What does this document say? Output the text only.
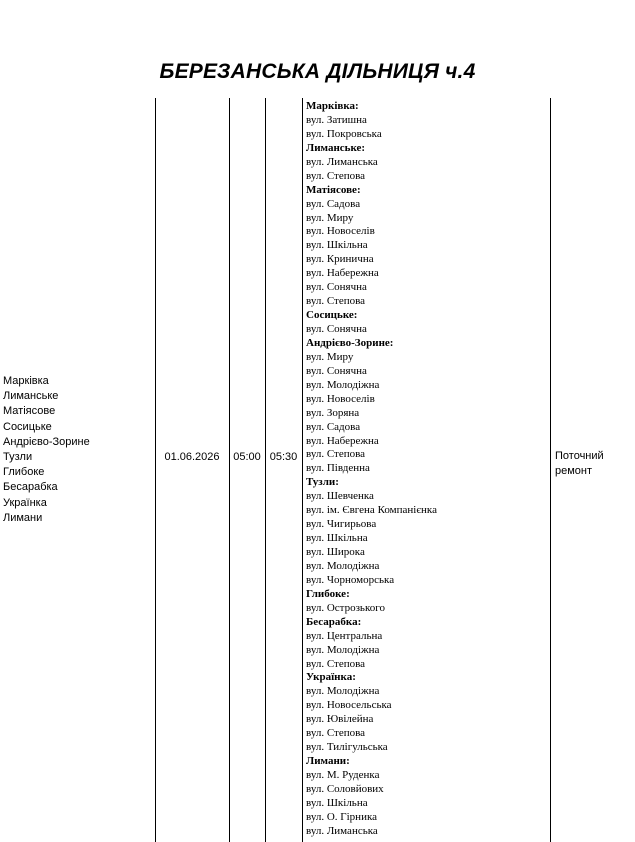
БЕРЕЗАНСЬКА ДІЛЬНИЦЯ ч.4
Марківка
Лиманське
Матіясове
Сосицьке
Андрієво-Зорине
Тузли
Глибоке
Бесарабка
Українка
Лимани
01.06.2026	05:00 05:30	Поточний
ремонт
Марківка:
вул. Затишна
вул. Покровська
Лиманське:
вул. Лиманська
вул. Степова
Матіясове:
вул. Садова
вул. Миру
вул. Новоселів
вул. Шкільна
вул. Кринична
вул. Набережна
вул. Сонячна
вул. Степова
Сосицьке:
вул. Сонячна
Андрієво-Зорине:
вул. Миру
вул. Сонячна
вул. Молодіжна
вул. Новоселів
вул. Зоряна
вул. Садова
вул. Набережна
вул. Степова
вул. Південна
Тузли:
вул. Шевченка
вул. ім. Євгена Компанієнка
вул. Чигирьова
вул. Шкільна
вул. Широка
вул. Молодіжна
вул. Чорноморська
Глибоке:
вул. Острозького
Бесарабка:
вул. Центральна
вул. Молодіжна
вул. Степова
Українка:
вул. Молодіжна
вул. Новосельська
вул. Ювілейна
вул. Степова
вул. Тилігульська
Лимани:
вул. М. Руденка
вул. Соловйових
вул. Шкільна
вул. О. Гірника
вул. Лиманська
